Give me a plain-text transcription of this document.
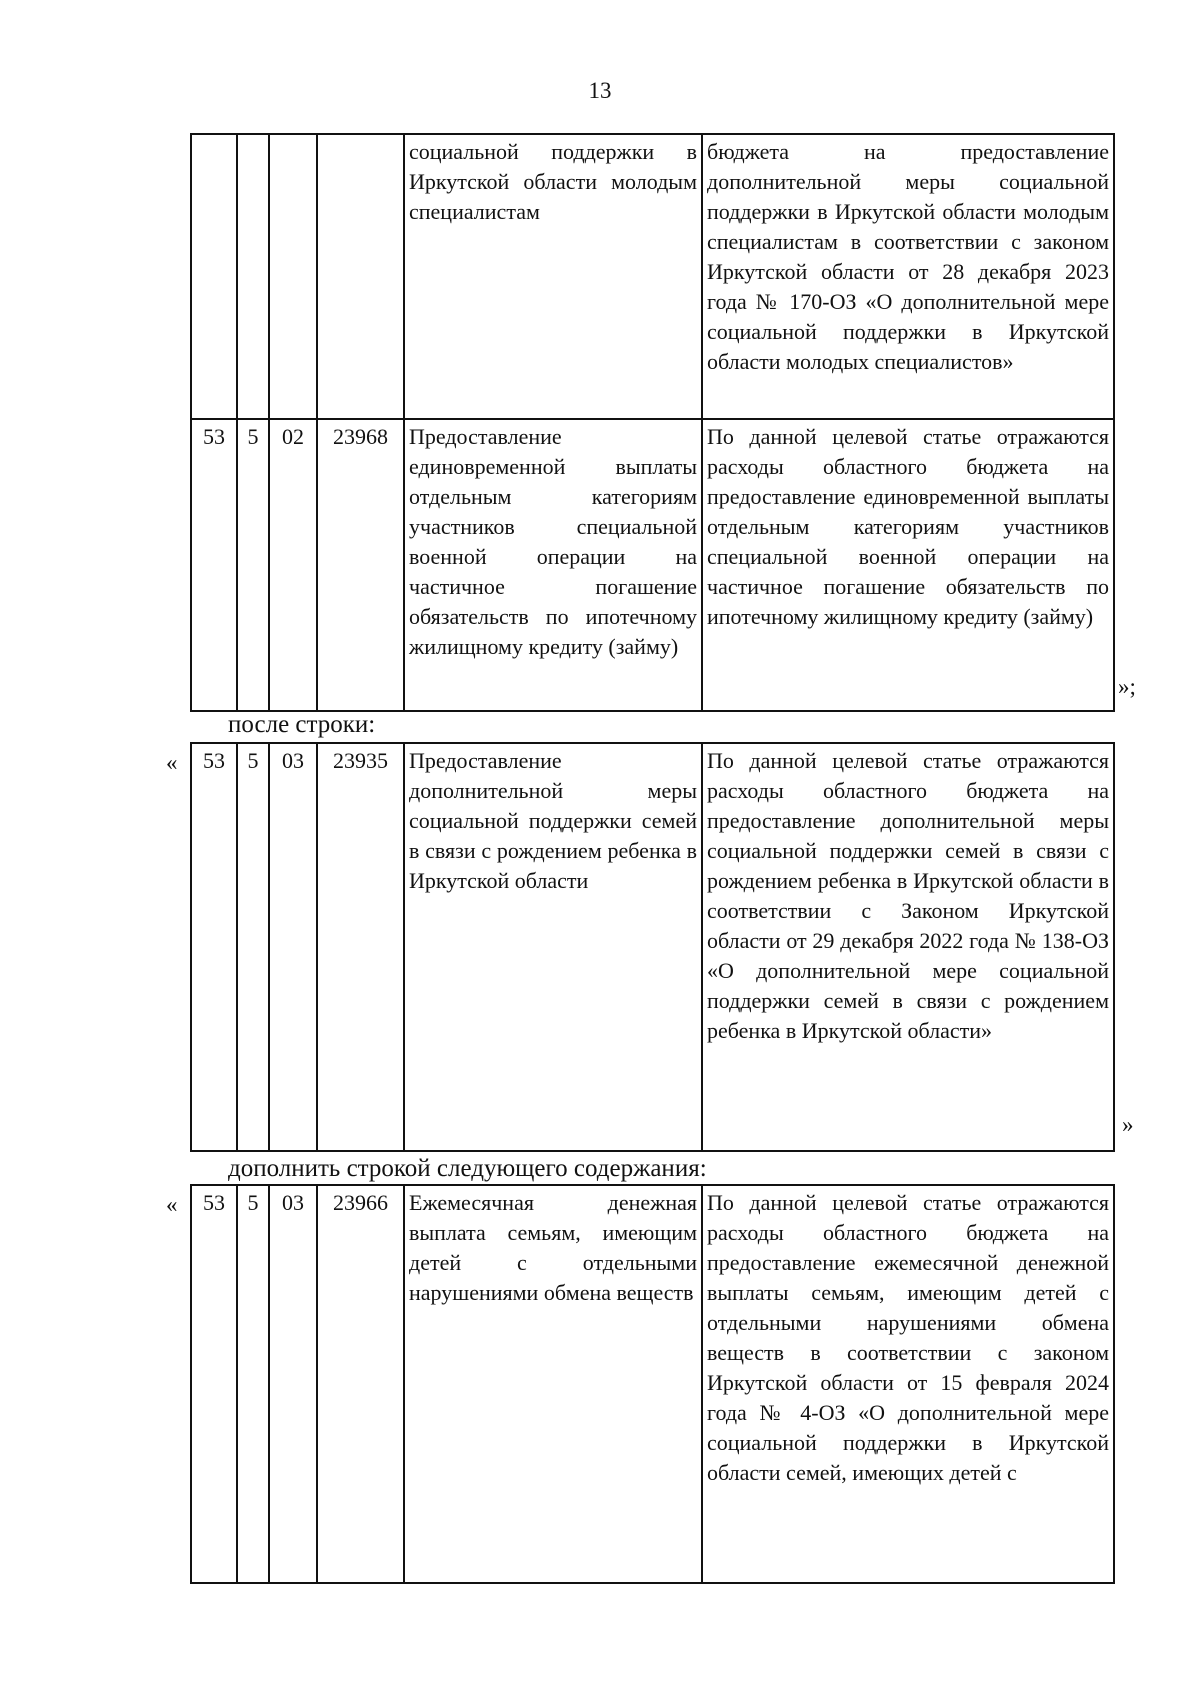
13
				социальной поддержки в Иркутской области молодым специалистам	бюджета на предоставление дополнительной меры социальной поддержки в Иркутской области молодым специалистам в соответствии с законом Иркутской области от 28 декабря 2023 года № 170-ОЗ «О дополнительной мере социальной поддержки в Иркутской области молодых специалистов»
53	5	02	23968	Предоставление единовременной выплаты отдельным категориям участников специальной военной операции на частичное погашение обязательств по ипотечному жилищному кредиту (займу)	По данной целевой статье отражаются расходы областного бюджета на предоставление единовременной выплаты отдельным категориям участников специальной военной операции на частичное погашение обязательств по ипотечному жилищному кредиту (займу)
»;
после строки:
« 53	5	03	23935	Предоставление дополнительной меры социальной поддержки семей в связи с рождением ребенка в Иркутской области	По данной целевой статье отражаются расходы областного бюджета на предоставление дополнительной меры социальной поддержки семей в связи с рождением ребенка в Иркутской области в соответствии с Законом Иркутской области от 29 декабря 2022 года № 138-ОЗ «О дополнительной мере социальной поддержки семей в связи с рождением ребенка в Иркутской области»
»
дополнить строкой следующего содержания:
« 53	5	03	23966	Ежемесячная денежная выплата семьям, имеющим детей с отдельными нарушениями обмена веществ	По данной целевой статье отражаются расходы областного бюджета на предоставление ежемесячной денежной выплаты семьям, имеющим детей с отдельными нарушениями обмена веществ в соответствии с законом Иркутской области от 15 февраля 2024 года № 4-ОЗ «О дополнительной мере социальной поддержки в Иркутской области семей, имеющих детей с
